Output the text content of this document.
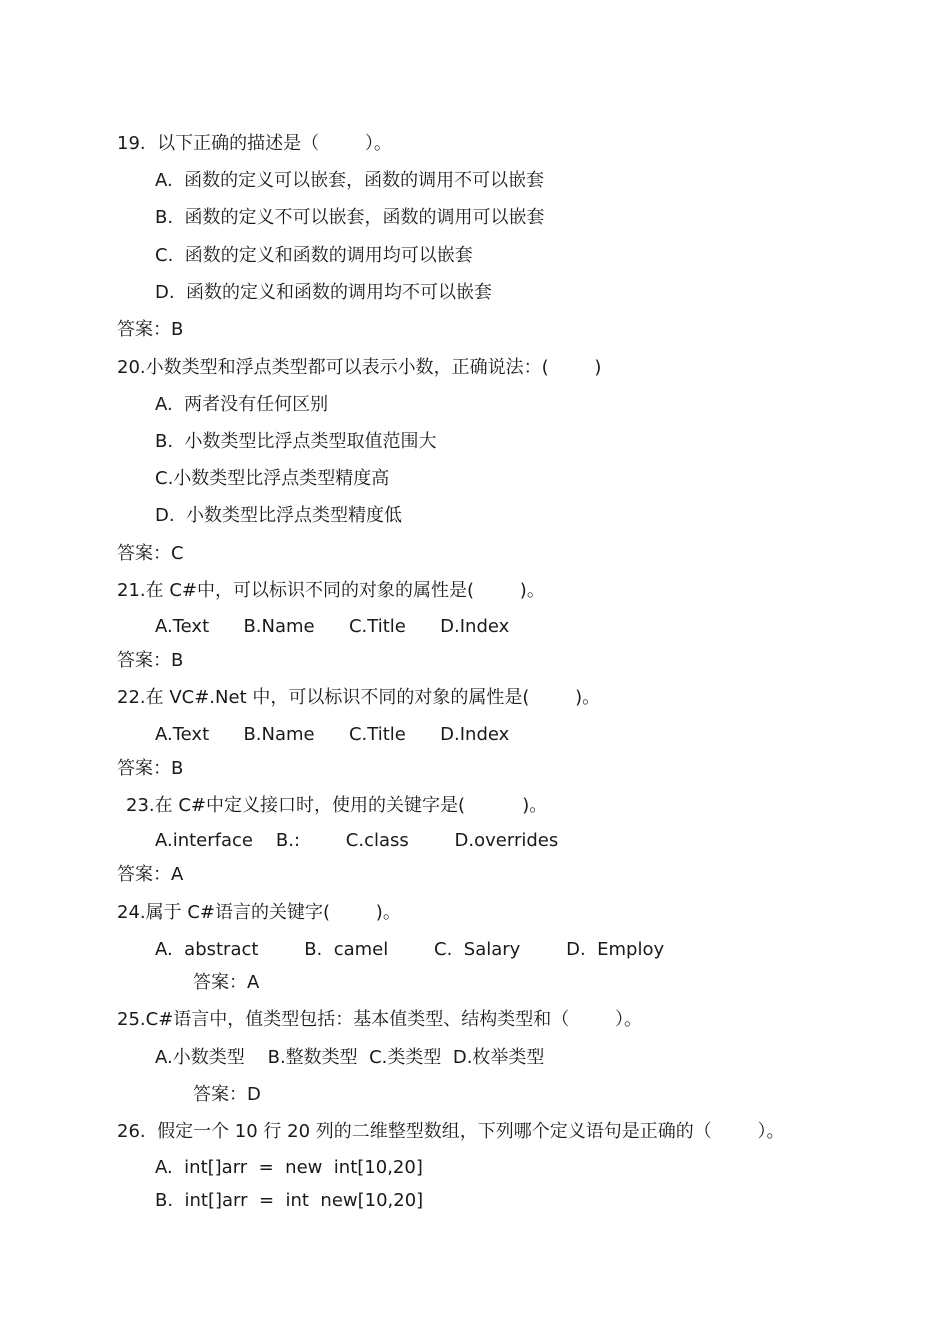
19.  以下正确的描述是（        ）。
A.  函数的定义可以嵌套，函数的调用不可以嵌套
B.  函数的定义不可以嵌套，函数的调用可以嵌套
C.  函数的定义和函数的调用均可以嵌套
D.  函数的定义和函数的调用均不可以嵌套
答案：B
20.小数类型和浮点类型都可以表示小数，正确说法：(        )
A.  两者没有任何区别
B.  小数类型比浮点类型取值范围大
C.小数类型比浮点类型精度高
D.  小数类型比浮点类型精度低
答案：C
21.在 C#中，可以标识不同的对象的属性是(        )。
A.Text      B.Name      C.Title      D.Index
答案：B
22.在 VC#.Net 中，可以标识不同的对象的属性是(        )。
A.Text      B.Name      C.Title      D.Index
答案：B
23.在 C#中定义接口时，使用的关键字是(          )。
A.interface    B.:        C.class        D.overrides
答案：A
24.属于 C#语言的关键字(        )。
A.  abstract        B.  camel        C.  Salary        D.  Employ
答案：A
25.C#语言中，值类型包括：基本值类型、结构类型和（        ）。
A.小数类型    B.整数类型  C.类类型  D.枚举类型
答案：D
26.  假定一个 10 行 20 列的二维整型数组，下列哪个定义语句是正确的（        ）。
A.  int[]arr  =  new  int[10,20]
B.  int[]arr  =  int  new[10,20]
